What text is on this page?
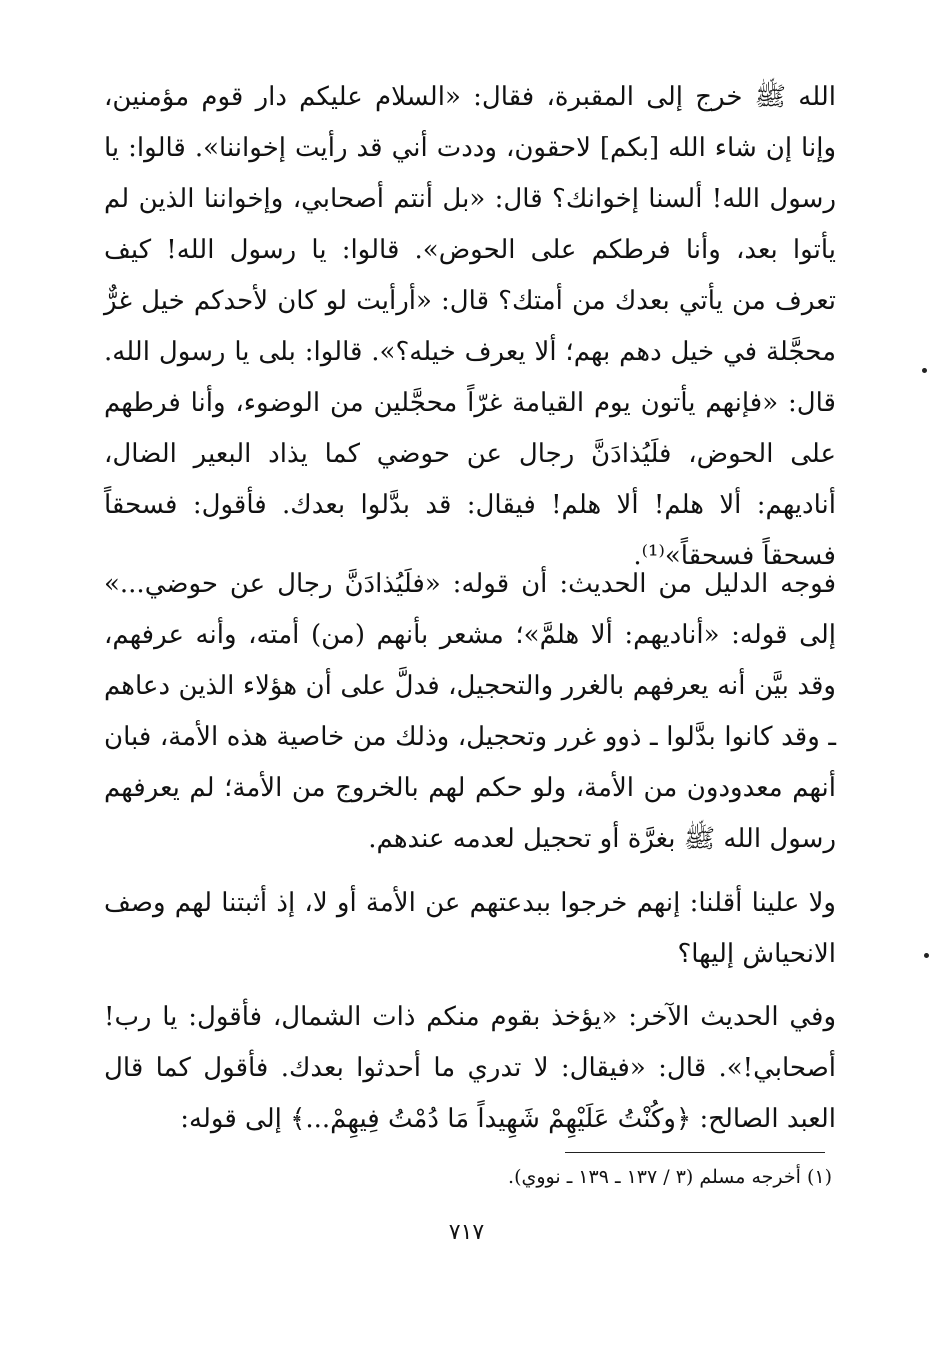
الله ﷺ خرج إلى المقبرة، فقال: «السلام عليكم دار قوم مؤمنين، وإنا إن شاء الله [بكم] لاحقون، وددت أني قد رأيت إخواننا». قالوا: يا رسول الله! ألسنا إخوانك؟ قال: «بل أنتم أصحابي، وإخواننا الذين لم يأتوا بعد، وأنا فرطكم على الحوض». قالوا: يا رسول الله! كيف تعرف من يأتي بعدك من أمتك؟ قال: «أرأيت لو كان لأحدكم خيل غرٌّ محجَّلة في خيل دهم بهم؛ ألا يعرف خيله؟». قالوا: بلى يا رسول الله. قال: «فإنهم يأتون يوم القيامة غرّاً محجَّلين من الوضوء، وأنا فرطهم على الحوض، فلَيُذادَنَّ رجال عن حوضي كما يذاد البعير الضال، أناديهم: ألا هلم! ألا هلم! فيقال: قد بدَّلوا بعدك. فأقول: فسحقاً فسحقاً فسحقاً»⁽¹⁾.

فوجه الدليل من الحديث: أن قوله: «فلَيُذادَنَّ رجال عن حوضي...» إلى قوله: «أناديهم: ألا هلمَّ»؛ مشعر بأنهم (من) أمته، وأنه عرفهم، وقد بيَّن أنه يعرفهم بالغرر والتحجيل، فدلَّ على أن هؤلاء الذين دعاهم ـ وقد كانوا بدَّلوا ـ ذوو غرر وتحجيل، وذلك من خاصية هذه الأمة، فبان أنهم معدودون من الأمة، ولو حكم لهم بالخروج من الأمة؛ لم يعرفهم رسول الله ﷺ بغرَّة أو تحجيل لعدمه عندهم.

ولا علينا أقلنا: إنهم خرجوا ببدعتهم عن الأمة أو لا، إذ أثبتنا لهم وصف الانحياش إليها؟

وفي الحديث الآخر: «يؤخذ بقوم منكم ذات الشمال، فأقول: يا رب! أصحابي!». قال: «فيقال: لا تدري ما أحدثوا بعدك. فأقول كما قال العبد الصالح: ﴿وكُنْتُ عَلَيْهِمْ شَهِيداً مَا دُمْتُ فِيهِمْ...﴾ إلى قوله:

(١) أخرجه مسلم (٣ / ١٣٧ ـ ١٣٩ ـ نووي).
٧١٧
